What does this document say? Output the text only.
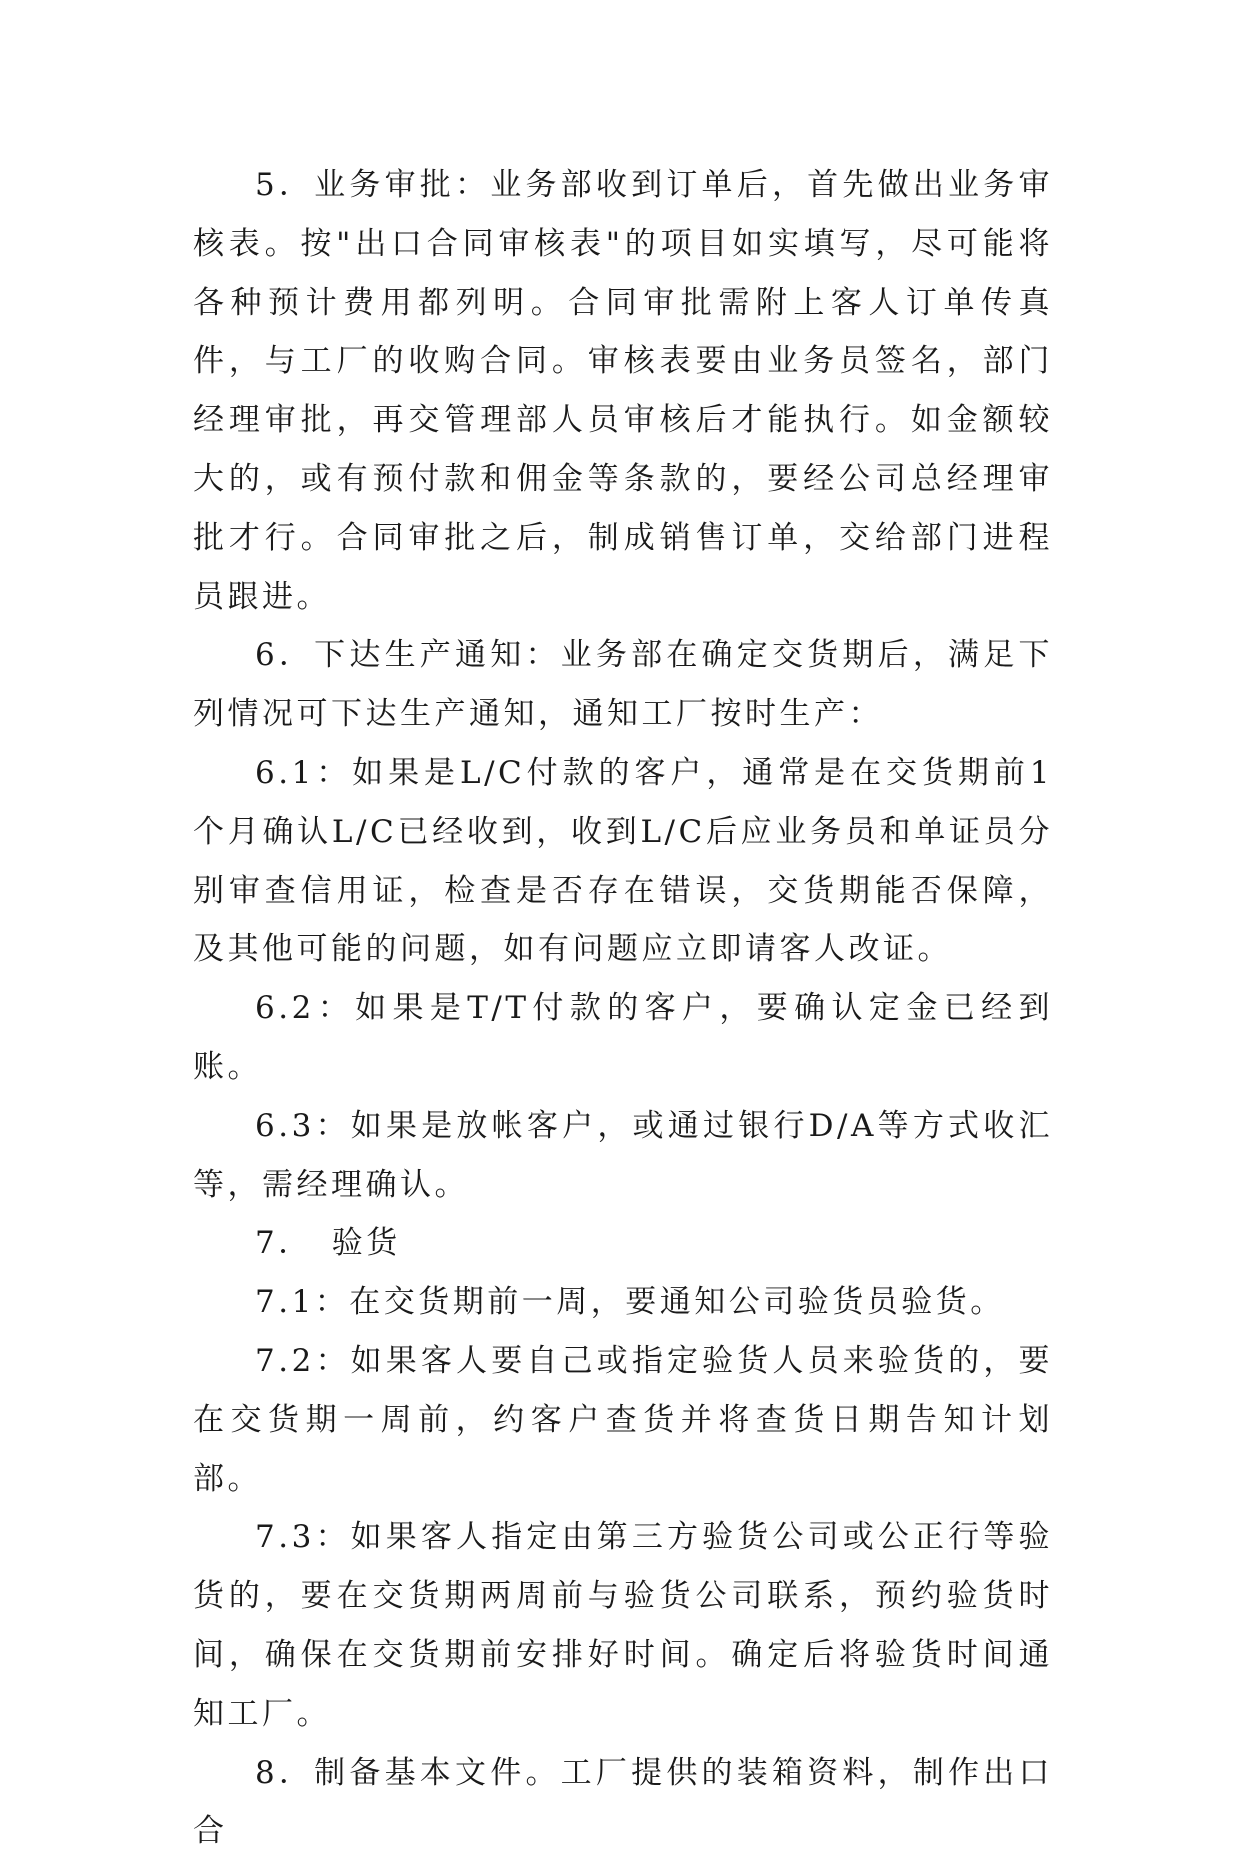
5．业务审批：业务部收到订单后，首先做出业务审核表。按"出口合同审核表"的项目如实填写，尽可能将各种预计费用都列明。合同审批需附上客人订单传真件，与工厂的收购合同。审核表要由业务员签名，部门经理审批，再交管理部人员审核后才能执行。如金额较大的，或有预付款和佣金等条款的，要经公司总经理审批才行。合同审批之后，制成销售订单，交给部门进程员跟进。

6．下达生产通知：业务部在确定交货期后，满足下列情况可下达生产通知，通知工厂按时生产：

6.1：如果是L/C付款的客户，通常是在交货期前1个月确认L/C已经收到，收到L/C后应业务员和单证员分别审查信用证，检查是否存在错误，交货期能否保障，及其他可能的问题，如有问题应立即请客人改证。

6.2：如果是T/T付款的客户，要确认定金已经到账。

6.3：如果是放帐客户，或通过银行D/A等方式收汇等，需经理确认。

7．　验货

7.1：在交货期前一周，要通知公司验货员验货。

7.2：如果客人要自己或指定验货人员来验货的，要在交货期一周前，约客户查货并将查货日期告知计划部。

7.3：如果客人指定由第三方验货公司或公正行等验货的，要在交货期两周前与验货公司联系，预约验货时间，确保在交货期前安排好时间。确定后将验货时间通知工厂。

8．制备基本文件。工厂提供的装箱资料，制作出口合
